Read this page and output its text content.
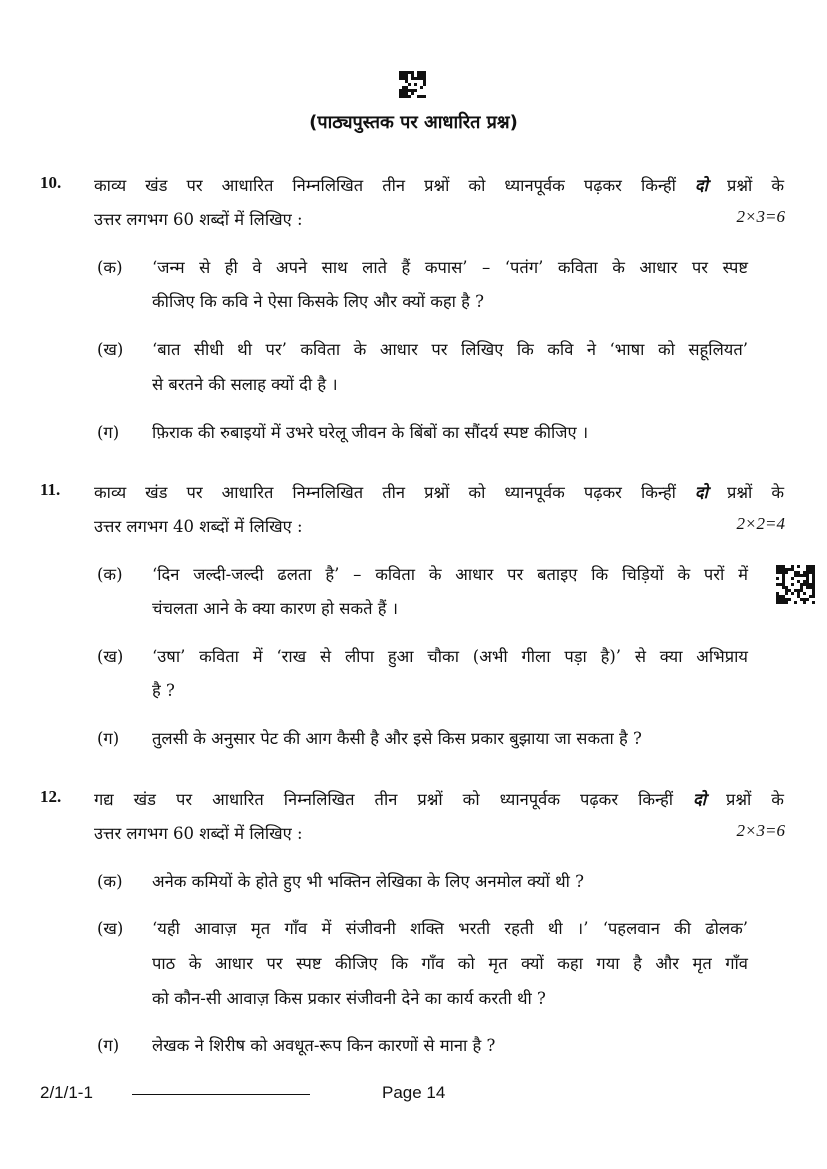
(पाठ्यपुस्तक पर आधारित प्रश्न)
10. काव्य खंड पर आधारित निम्नलिखित तीन प्रश्नों को ध्यानपूर्वक पढ़कर किन्हीं दो प्रश्नों के
उत्तर लगभग 60 शब्दों में लिखिए :	2×3=6
(क) ‘जन्म से ही वे अपने साथ लाते हैं कपास’ – ‘पतंग’ कविता के आधार पर स्पष्ट
कीजिए कि कवि ने ऐसा किसके लिए और क्यों कहा है ?
(ख) ‘बात सीधी थी पर’ कविता के आधार पर लिखिए कि कवि ने ‘भाषा को सहूलियत’
से बरतने की सलाह क्यों दी है ।
(ग) फ़िराक की रुबाइयों में उभरे घरेलू जीवन के बिंबों का सौंदर्य स्पष्ट कीजिए ।
11. काव्य खंड पर आधारित निम्नलिखित तीन प्रश्नों को ध्यानपूर्वक पढ़कर किन्हीं दो प्रश्नों के
उत्तर लगभग 40 शब्दों में लिखिए :	2×2=4
(क) ‘दिन जल्दी-जल्दी ढलता है’ – कविता के आधार पर बताइए कि चिड़ियों के परों में
चंचलता आने के क्या कारण हो सकते हैं ।
(ख) ‘उषा’ कविता में ‘राख से लीपा हुआ चौका (अभी गीला पड़ा है)’ से क्या अभिप्राय
है ?
(ग) तुलसी के अनुसार पेट की आग कैसी है और इसे किस प्रकार बुझाया जा सकता है ?
12. गद्य खंड पर आधारित निम्नलिखित तीन प्रश्नों को ध्यानपूर्वक पढ़कर किन्हीं दो प्रश्नों के
उत्तर लगभग 60 शब्दों में लिखिए :	2×3=6
(क) अनेक कमियों के होते हुए भी भक्तिन लेखिका के लिए अनमोल क्यों थी ?
(ख) ‘यही आवाज़ मृत गाँव में संजीवनी शक्ति भरती रहती थी ।’ ‘पहलवान की ढोलक’
पाठ के आधार पर स्पष्ट कीजिए कि गाँव को मृत क्यों कहा गया है और मृत गाँव
को कौन-सी आवाज़ किस प्रकार संजीवनी देने का कार्य करती थी ?
(ग) लेखक ने शिरीष को अवधूत-रूप किन कारणों से माना है ?
2/1/1-1	Page 14
